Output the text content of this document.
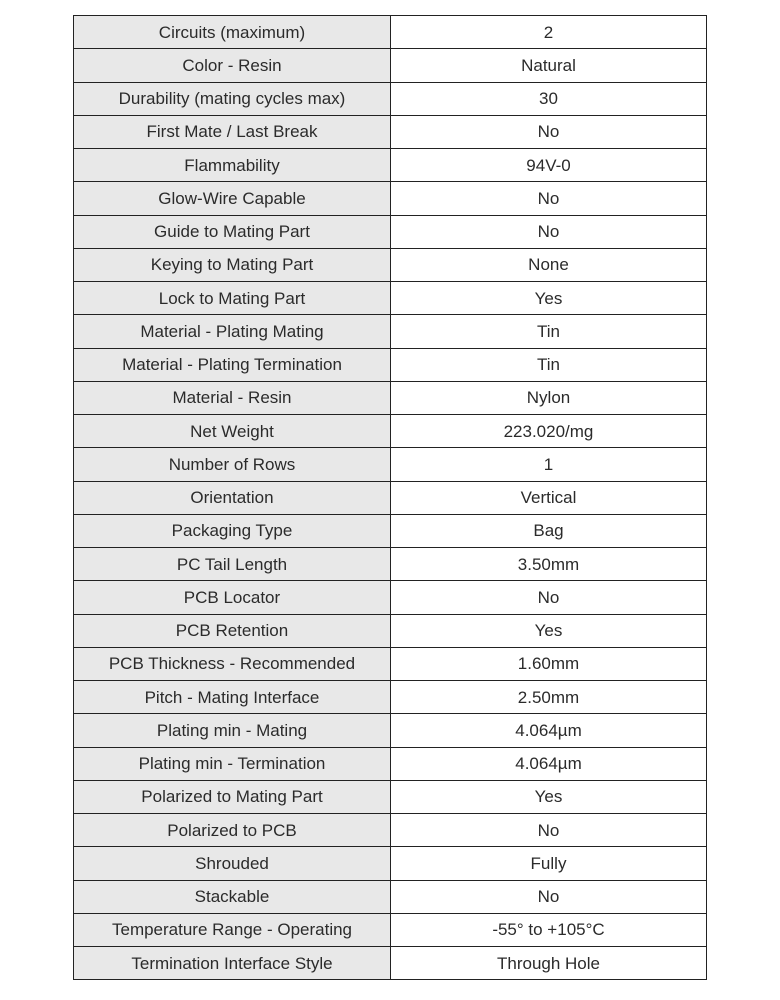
Circuits (maximum)	2
Color - Resin	Natural
Durability (mating cycles max)	30
First Mate / Last Break	No
Flammability	94V-0
Glow-Wire Capable	No
Guide to Mating Part	No
Keying to Mating Part	None
Lock to Mating Part	Yes
Material - Plating Mating	Tin
Material - Plating Termination	Tin
Material - Resin	Nylon
Net Weight	223.020/mg
Number of Rows	1
Orientation	Vertical
Packaging Type	Bag
PC Tail Length	3.50mm
PCB Locator	No
PCB Retention	Yes
PCB Thickness - Recommended	1.60mm
Pitch - Mating Interface	2.50mm
Plating min - Mating	4.064µm
Plating min - Termination	4.064µm
Polarized to Mating Part	Yes
Polarized to PCB	No
Shrouded	Fully
Stackable	No
Temperature Range - Operating	-55° to +105°C
Termination Interface Style	Through Hole
